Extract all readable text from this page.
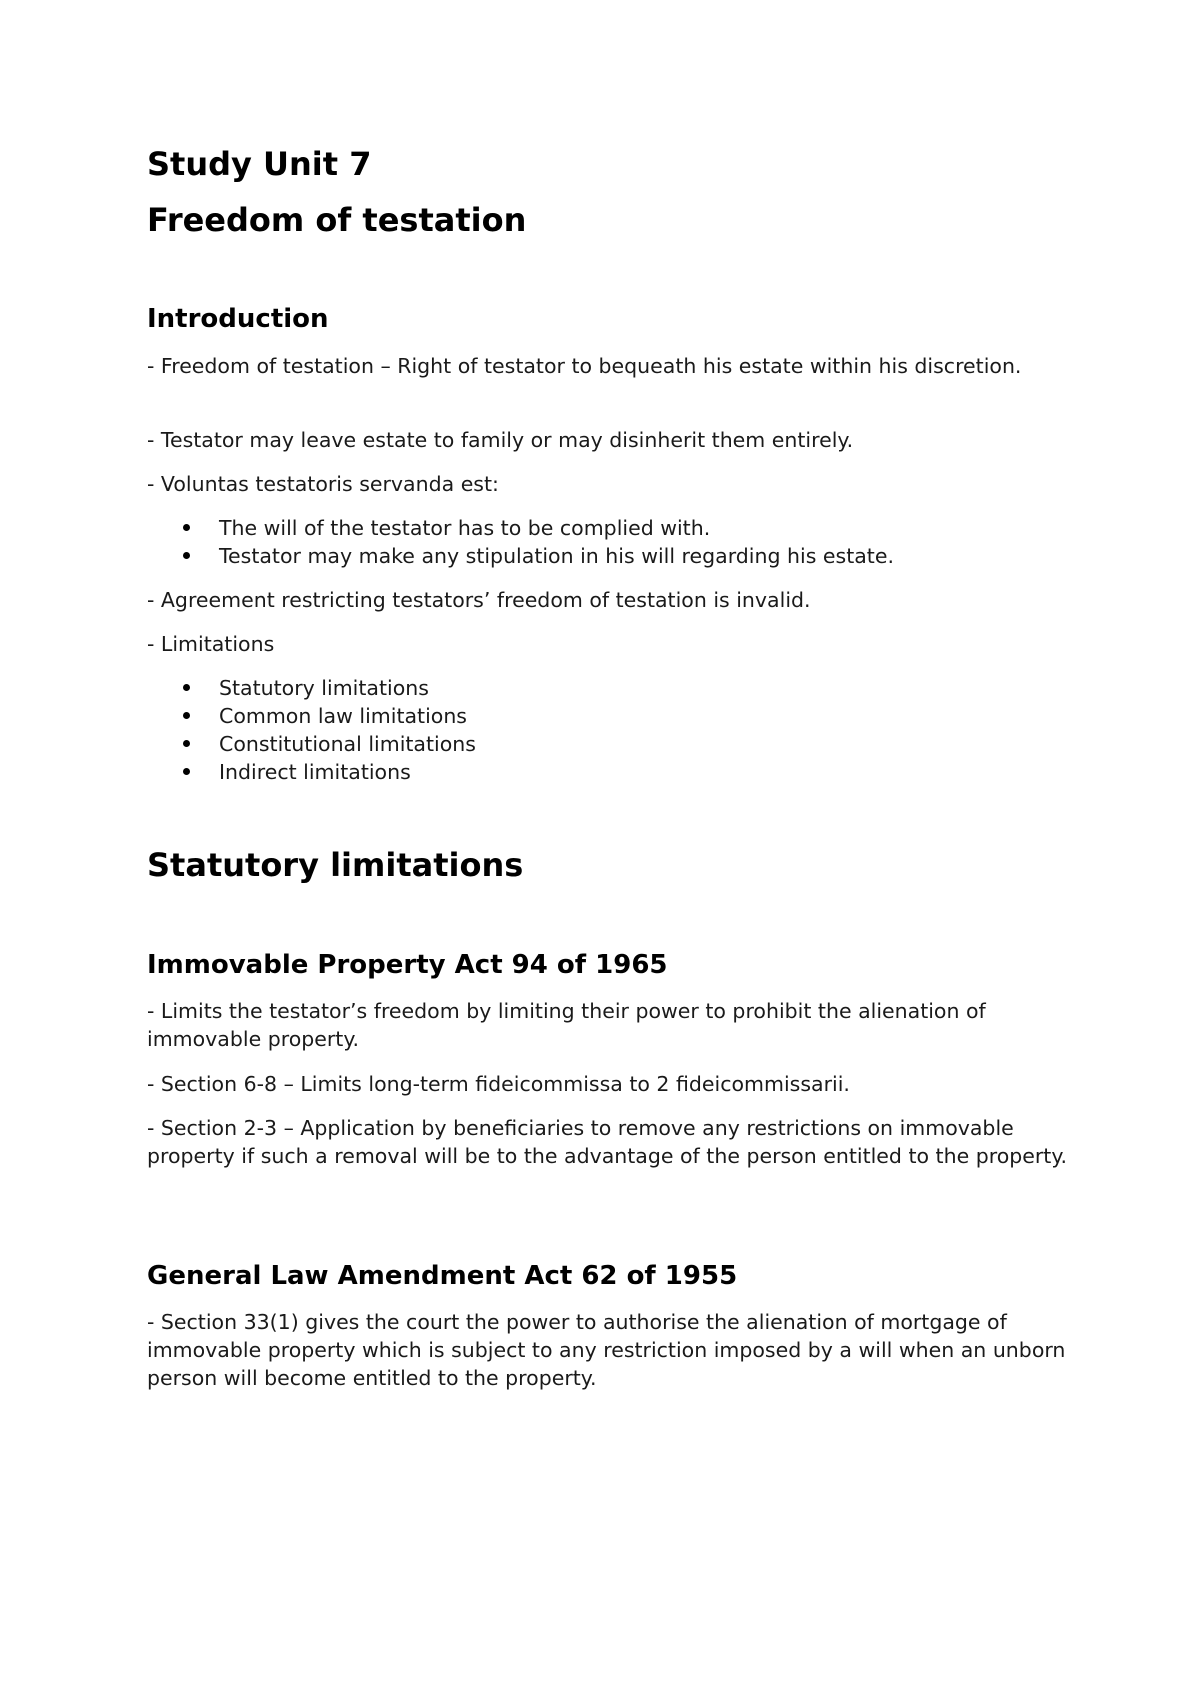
Study Unit 7
Freedom of testation
Introduction
- Freedom of testation – Right of testator to bequeath his estate within his discretion.
- Testator may leave estate to family or may disinherit them entirely.
- Voluntas testatoris servanda est:
The will of the testator has to be complied with.
Testator may make any stipulation in his will regarding his estate.
- Agreement restricting testators’ freedom of testation is invalid.
- Limitations
Statutory limitations
Common law limitations
Constitutional limitations
Indirect limitations
Statutory limitations
Immovable Property Act 94 of 1965
- Limits the testator’s freedom by limiting their power to prohibit the alienation of immovable property.
- Section 6-8 – Limits long-term fideicommissa to 2 fideicommissarii.
- Section 2-3 – Application by beneficiaries to remove any restrictions on immovable property if such a removal will be to the advantage of the person entitled to the property.
General Law Amendment Act 62 of 1955
- Section 33(1) gives the court the power to authorise the alienation of mortgage of immovable property which is subject to any restriction imposed by a will when an unborn person will become entitled to the property.
